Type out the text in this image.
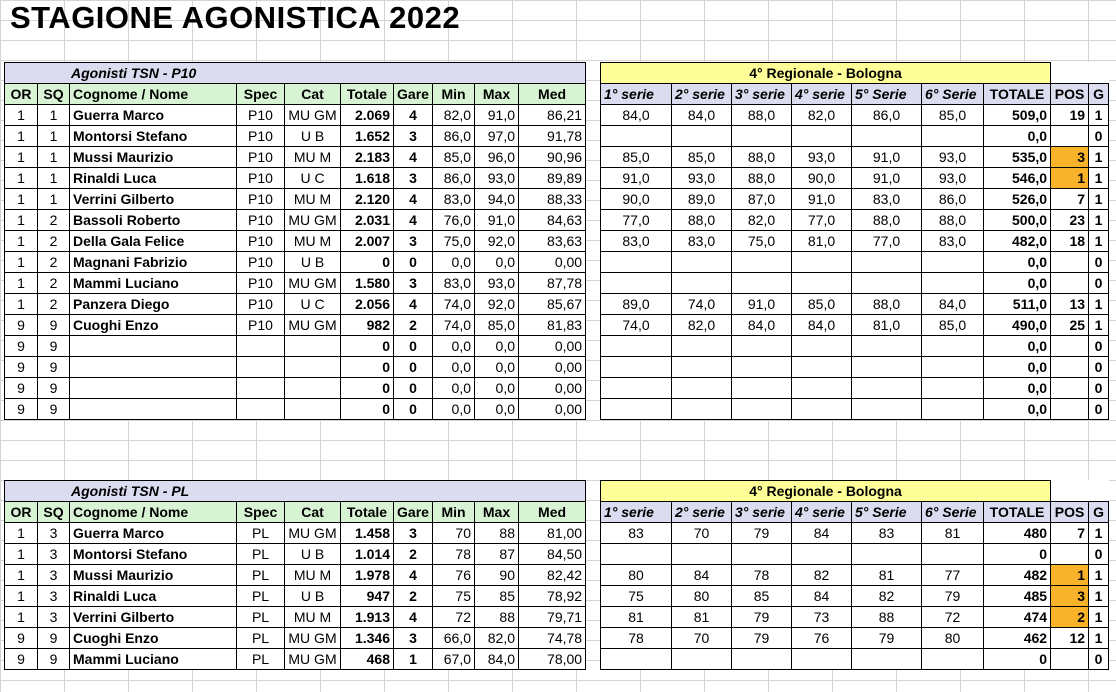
STAGIONE AGONISTICA 2022
Agonisti TSN - P10									
OR	SQ	Cognome / Nome	Spec	Cat	Totale	Gare	Min	Max	Med
1	1	Guerra Marco	P10	MU GM	2.069	4	82,0	91,0	86,21
1	1	Montorsi Stefano	P10	U B	1.652	3	86,0	97,0	91,78
1	1	Mussi Maurizio	P10	MU M	2.183	4	85,0	96,0	90,96
1	1	Rinaldi Luca	P10	U C	1.618	3	86,0	93,0	89,89
1	1	Verrini Gilberto	P10	MU M	2.120	4	83,0	94,0	88,33
1	2	Bassoli Roberto	P10	MU GM	2.031	4	76,0	91,0	84,63
1	2	Della Gala Felice	P10	MU M	2.007	3	75,0	92,0	83,63
1	2	Magnani Fabrizio	P10	U B	0	0	0,0	0,0	0,00
1	2	Mammi Luciano	P10	MU GM	1.580	3	83,0	93,0	87,78
1	2	Panzera Diego	P10	U C	2.056	4	74,0	92,0	85,67
9	9	Cuoghi Enzo	P10	MU GM	982	2	74,0	85,0	81,83
9	9				0	0	0,0	0,0	0,00
9	9				0	0	0,0	0,0	0,00
9	9				0	0	0,0	0,0	0,00
9	9				0	0	0,0	0,0	0,00
4° Regionale - Bologna								
1° serie	2° serie	3° serie	4° serie	5° Serie	6° Serie	TOTALE	POS	G
84,0	84,0	88,0	82,0	86,0	85,0	509,0	19	1
						0,0		0
85,0	85,0	88,0	93,0	91,0	93,0	535,0	3	1
91,0	93,0	88,0	90,0	91,0	93,0	546,0	1	1
90,0	89,0	87,0	91,0	83,0	86,0	526,0	7	1
77,0	88,0	82,0	77,0	88,0	88,0	500,0	23	1
83,0	83,0	75,0	81,0	77,0	83,0	482,0	18	1
						0,0		0
						0,0		0
89,0	74,0	91,0	85,0	88,0	84,0	511,0	13	1
74,0	82,0	84,0	84,0	81,0	85,0	490,0	25	1
						0,0		0
						0,0		0
						0,0		0
						0,0		0
Agonisti TSN - PL									
OR	SQ	Cognome / Nome	Spec	Cat	Totale	Gare	Min	Max	Med
1	3	Guerra Marco	PL	MU GM	1.458	3	70	88	81,00
1	3	Montorsi Stefano	PL	U B	1.014	2	78	87	84,50
1	3	Mussi Maurizio	PL	MU M	1.978	4	76	90	82,42
1	3	Rinaldi Luca	PL	U B	947	2	75	85	78,92
1	3	Verrini Gilberto	PL	MU M	1.913	4	72	88	79,71
9	9	Cuoghi Enzo	PL	MU GM	1.346	3	66,0	82,0	74,78
9	9	Mammi Luciano	PL	MU GM	468	1	67,0	84,0	78,00
4° Regionale - Bologna								
1° serie	2° serie	3° serie	4° serie	5° Serie	6° Serie	TOTALE	POS	G
83	70	79	84	83	81	480	7	1
						0		0
80	84	78	82	81	77	482	1	1
75	80	85	84	82	79	485	3	1
81	81	79	73	88	72	474	2	1
78	70	79	76	79	80	462	12	1
						0		0
